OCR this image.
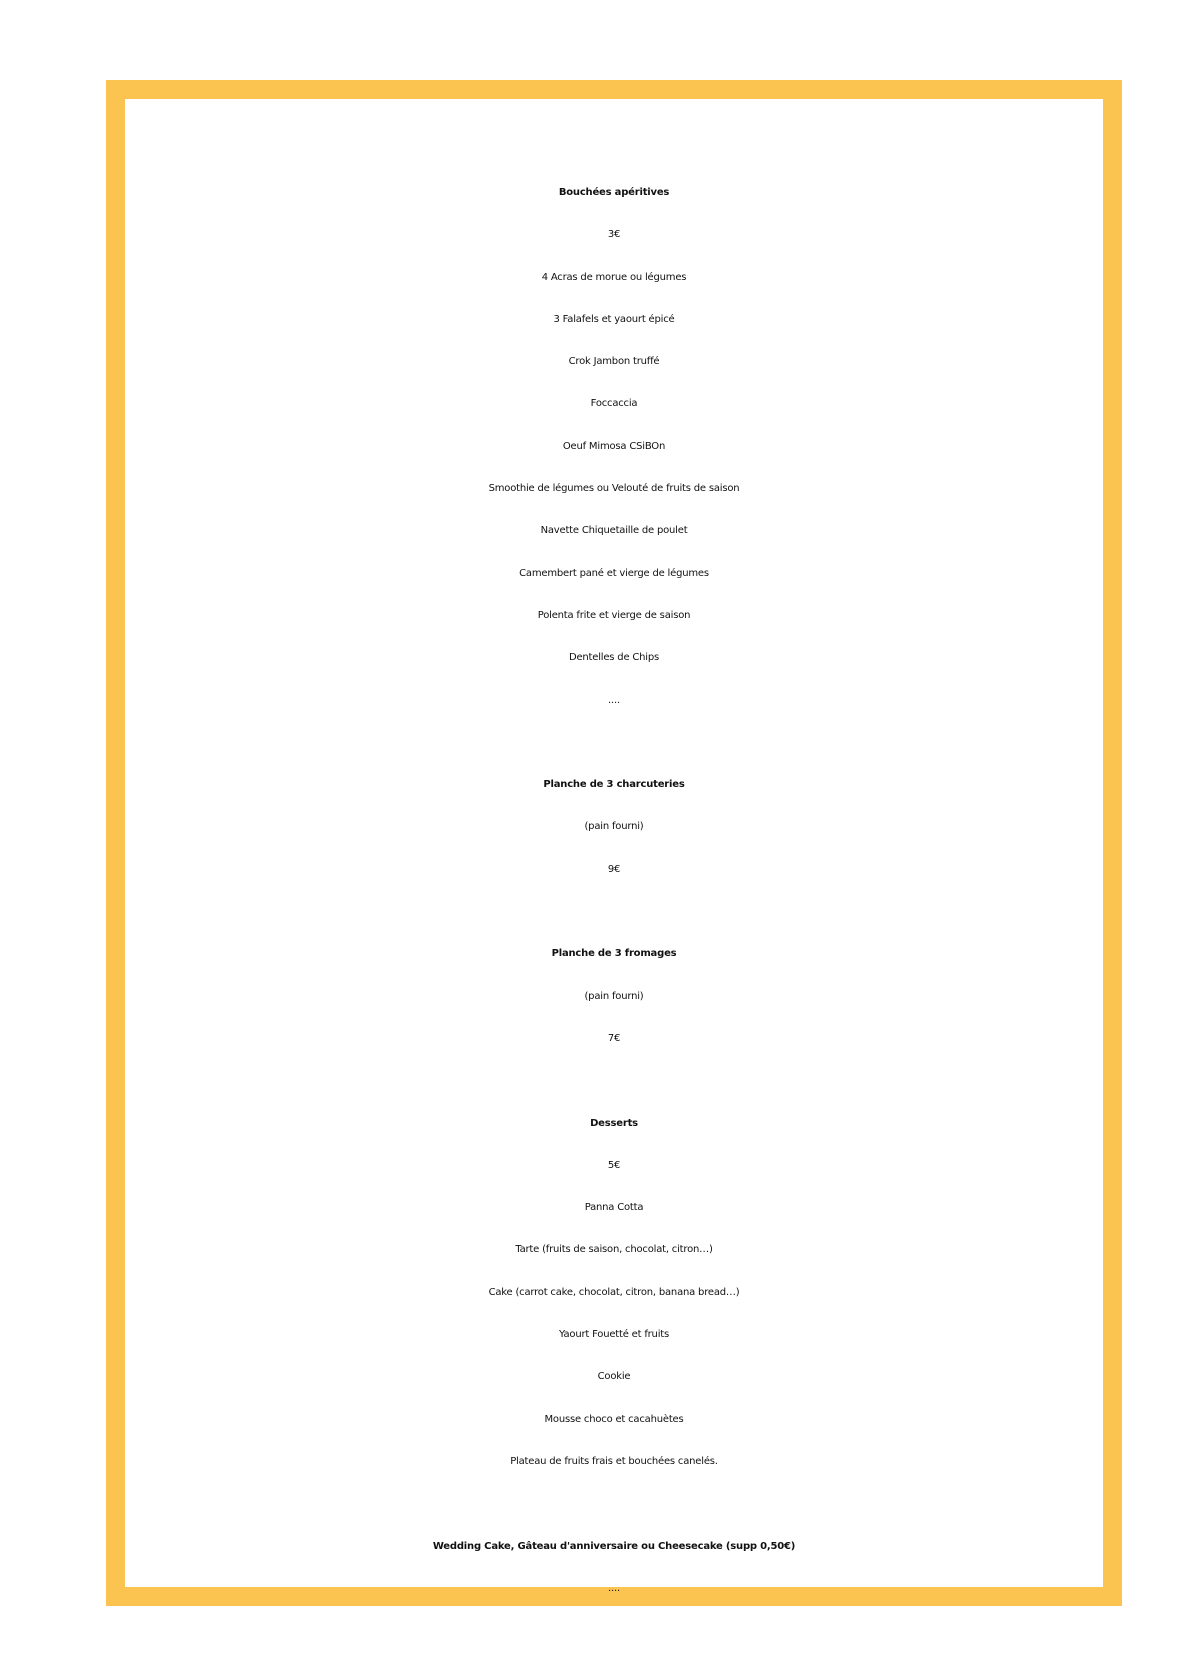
Bouchées apéritives
3€
4 Acras de morue ou légumes
3 Falafels et yaourt épicé
Crok Jambon truffé
Foccaccia
Oeuf Mimosa CSiBOn
Smoothie de légumes ou Velouté de fruits de saison
Navette Chiquetaille de poulet
Camembert pané et vierge de légumes
Polenta frite et vierge de saison
Dentelles de Chips
....
Planche de 3 charcuteries
(pain fourni)
9€
Planche de 3 fromages
(pain fourni)
7€
Desserts
5€
Panna Cotta
Tarte (fruits de saison, chocolat, citron…)
Cake (carrot cake, chocolat, citron, banana bread…)
Yaourt Fouetté et fruits
Cookie
Mousse choco et cacahuètes
Plateau de fruits frais et bouchées canelés.
Wedding Cake, Gâteau d'anniversaire ou Cheesecake (supp 0,50€)
....
